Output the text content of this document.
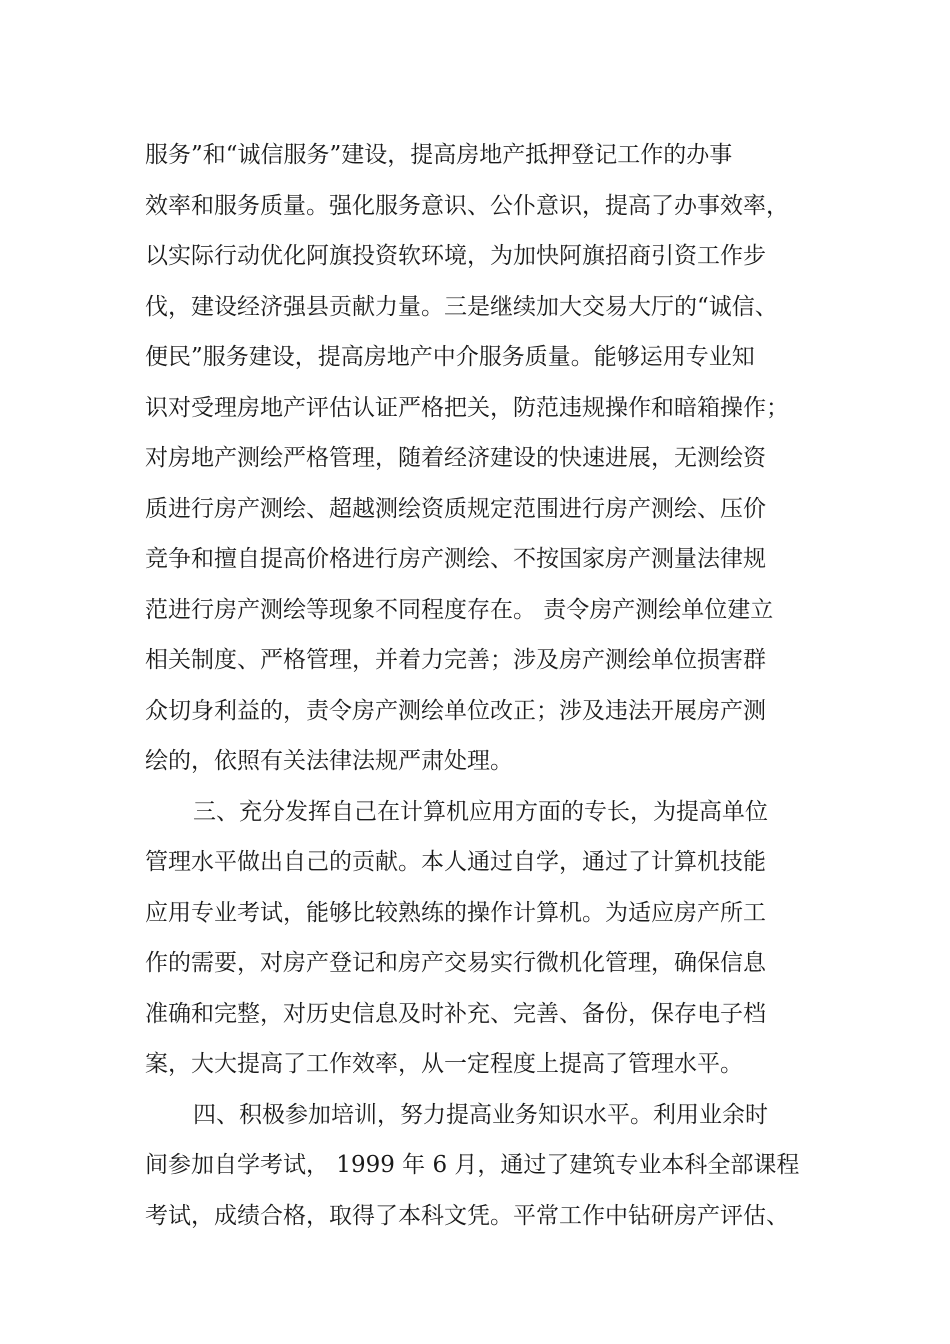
服务”和“诚信服务”建设，提高房地产抵押登记工作的办事
效率和服务质量。强化服务意识、公仆意识，提高了办事效率，
以实际行动优化阿旗投资软环境，为加快阿旗招商引资工作步
伐，建设经济强县贡献力量。三是继续加大交易大厅的“诚信、
便民”服务建设，提高房地产中介服务质量。能够运用专业知
识对受理房地产评估认证严格把关，防范违规操作和暗箱操作；
对房地产测绘严格管理，随着经济建设的快速进展，无测绘资
质进行房产测绘、超越测绘资质规定范围进行房产测绘、压价
竞争和擅自提高价格进行房产测绘、不按国家房产测量法律规
范进行房产测绘等现象不同程度存在。 责令房产测绘单位建立
相关制度、严格管理，并着力完善；涉及房产测绘单位损害群
众切身利益的，责令房产测绘单位改正；涉及违法开展房产测
绘的，依照有关法律法规严肃处理。
三、充分发挥自己在计算机应用方面的专长，为提高单位
管理水平做出自己的贡献。本人通过自学，通过了计算机技能
应用专业考试，能够比较熟练的操作计算机。为适应房产所工
作的需要，对房产登记和房产交易实行微机化管理，确保信息
准确和完整，对历史信息及时补充、完善、备份，保存电子档
案，大大提高了工作效率，从一定程度上提高了管理水平。
四、积极参加培训，努力提高业务知识水平。利用业余时
间参加自学考试， 1999 年 6 月，通过了建筑专业本科全部课程
考试，成绩合格，取得了本科文凭。平常工作中钻研房产评估、
